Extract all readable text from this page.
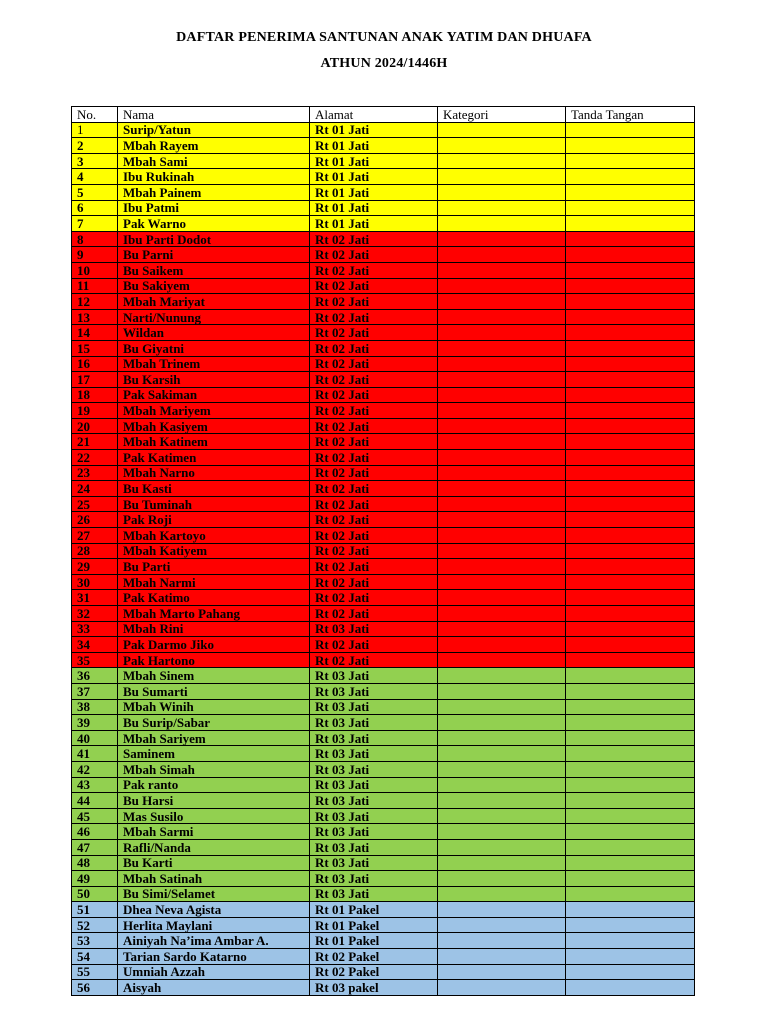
DAFTAR PENERIMA SANTUNAN ANAK YATIM DAN DHUAFA
ATHUN 2024/1446H
No.	Nama	Alamat	Kategori	Tanda Tangan
1	Surip/Yatun	Rt 01 Jati		
2	Mbah Rayem	Rt 01 Jati		
3	Mbah Sami	Rt 01 Jati		
4	Ibu Rukinah	Rt 01 Jati		
5	Mbah Painem	Rt 01 Jati		
6	Ibu Patmi	Rt 01 Jati		
7	Pak Warno	Rt 01 Jati		
8	Ibu Parti Dodot	Rt 02 Jati		
9	Bu Parni	Rt 02 Jati		
10	Bu Saikem	Rt 02 Jati		
11	Bu Sakiyem	Rt 02 Jati		
12	Mbah Mariyat	Rt 02 Jati		
13	Narti/Nunung	Rt 02 Jati		
14	Wildan	Rt 02 Jati		
15	Bu Giyatni	Rt 02 Jati		
16	Mbah Trinem	Rt 02 Jati		
17	Bu Karsih	Rt 02 Jati		
18	Pak Sakiman	Rt 02 Jati		
19	Mbah Mariyem	Rt 02 Jati		
20	Mbah Kasiyem	Rt 02 Jati		
21	Mbah Katinem	Rt 02 Jati		
22	Pak Katimen	Rt 02 Jati		
23	Mbah Narno	Rt 02 Jati		
24	Bu Kasti	Rt 02 Jati		
25	Bu Tuminah	Rt 02 Jati		
26	Pak Roji	Rt 02 Jati		
27	Mbah Kartoyo	Rt 02 Jati		
28	Mbah Katiyem	Rt 02 Jati		
29	Bu Parti	Rt 02 Jati		
30	Mbah Narmi	Rt 02 Jati		
31	Pak Katimo	Rt 02 Jati		
32	Mbah Marto Pahang	Rt 02 Jati		
33	Mbah Rini	Rt 03 Jati		
34	Pak Darmo Jiko	Rt 02 Jati		
35	Pak Hartono	Rt 02 Jati		
36	Mbah Sinem	Rt 03 Jati		
37	Bu Sumarti	Rt 03 Jati		
38	Mbah Winih	Rt 03 Jati		
39	Bu Surip/Sabar	Rt 03 Jati		
40	Mbah Sariyem	Rt 03 Jati		
41	Saminem	Rt 03 Jati		
42	Mbah Simah	Rt 03 Jati		
43	Pak ranto	Rt 03 Jati		
44	Bu Harsi	Rt 03 Jati		
45	Mas Susilo	Rt 03 Jati		
46	Mbah Sarmi	Rt 03 Jati		
47	Rafli/Nanda	Rt 03 Jati		
48	Bu Karti	Rt 03 Jati		
49	Mbah Satinah	Rt 03 Jati		
50	Bu Simi/Selamet	Rt 03 Jati		
51	Dhea Neva Agista	Rt 01 Pakel		
52	Herlita Maylani	Rt 01 Pakel		
53	Ainiyah Na’ima Ambar A.	Rt 01 Pakel		
54	Tarian Sardo Katarno	Rt 02 Pakel		
55	Umniah Azzah	Rt 02 Pakel		
56	Aisyah	Rt 03 pakel		
